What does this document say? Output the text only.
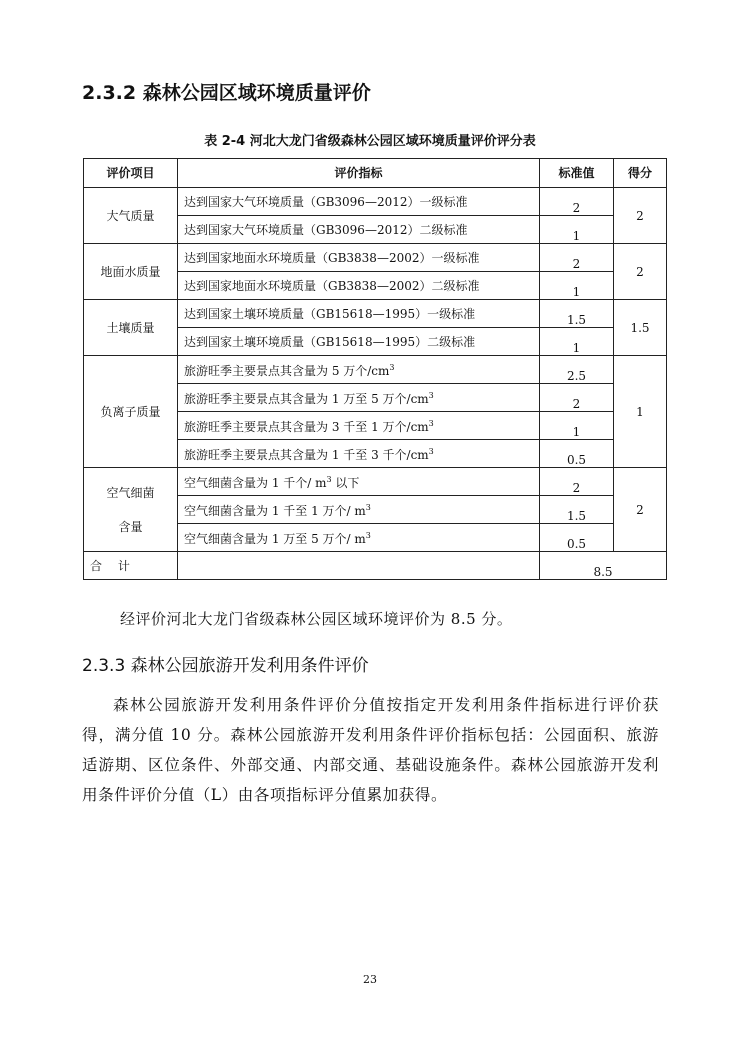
2.3.2 森林公园区域环境质量评价
表 2-4 河北大龙门省级森林公园区域环境质量评价评分表
评价项目	评价指标	标准值	得分
大气质量	达到国家大气环境质量（GB3096—2012）一级标准	2	2
	达到国家大气环境质量（GB3096—2012）二级标准	1	
地面水质量	达到国家地面水环境质量（GB3838—2002）一级标准	2	2
	达到国家地面水环境质量（GB3838—2002）二级标准	1	
土壤质量	达到国家土壤环境质量（GB15618—1995）一级标准	1.5	1.5
	达到国家土壤环境质量（GB15618—1995）二级标准	1	
负离子质量	旅游旺季主要景点其含量为 5 万个$/cm^3$	2.5	1
	旅游旺季主要景点其含量为 1 万至 5 万个$/cm^3$	2	
	旅游旺季主要景点其含量为 3 千至 1 万个$/cm^3$	1	
	旅游旺季主要景点其含量为 1 千至 3 千个$/cm^3$	0.5	

空气细菌
含量	空气细菌含量为 1 千个/ $m^3$ 以下	2	2
	空气细菌含量为 1 千至 1 万个/ $m^3$	1.5	
	空气细菌含量为 1 万至 5 万个/ $m^3$	0.5	
合 计		8.5	

经评价河北大龙门省级森林公园区域环境评价为 8.5 分。

2.3.3 森林公园旅游开发利用条件评价

森林公园旅游开发利用条件评价分值按指定开发利用条件指标进行评价获得，满分值 10 分。森林公园旅游开发利用条件评价指标包括：公园面积、旅游适游期、区位条件、外部交通、内部交通、基础设施条件。森林公园旅游开发利用条件评价分值（L）由各项指标评分值累加获得。

23
